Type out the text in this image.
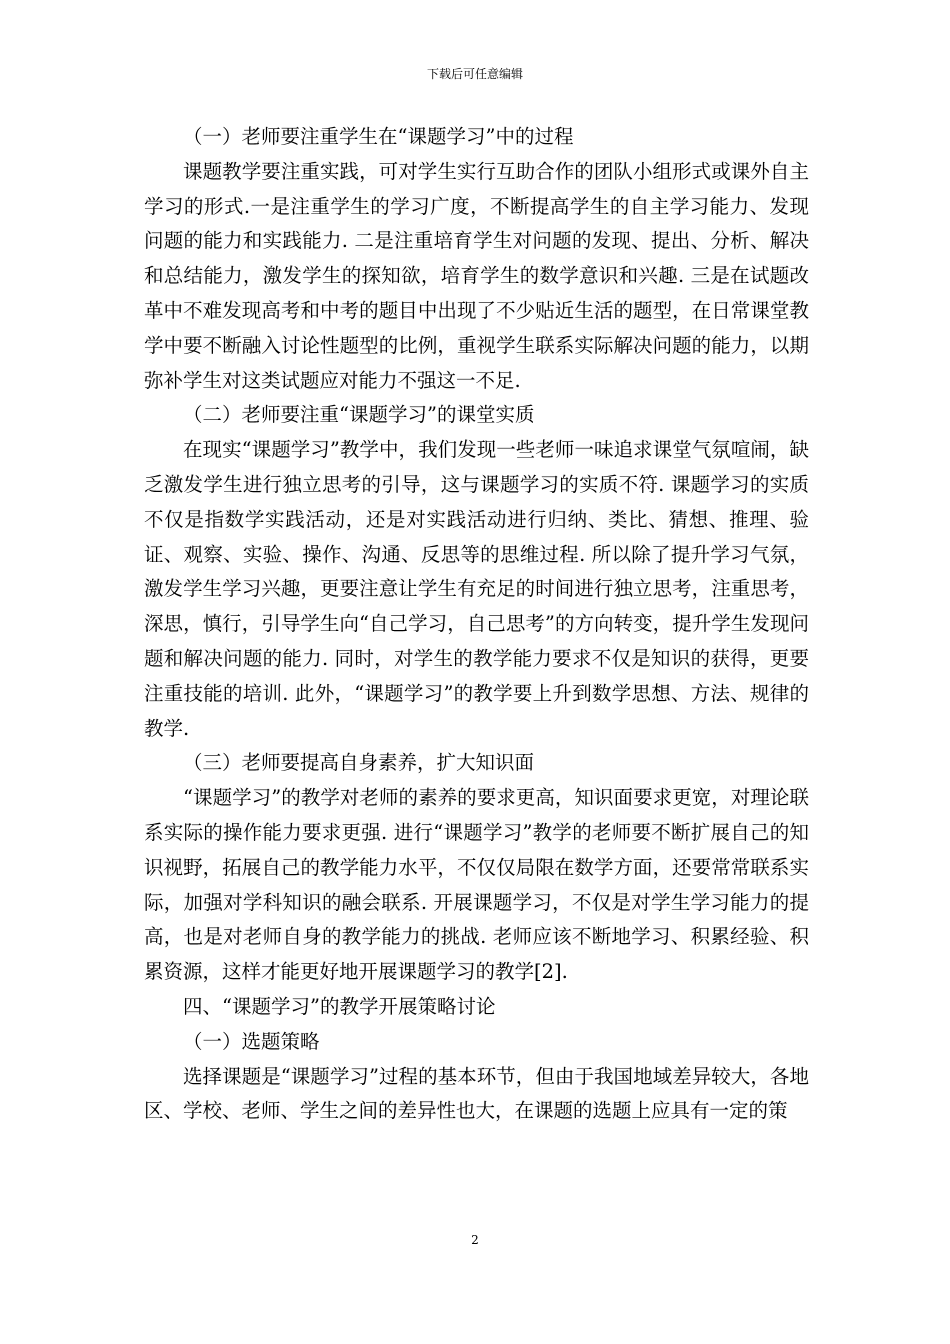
下载后可任意编辑

（一）老师要注重学生在“课题学习”中的过程

课题教学要注重实践，可对学生实行互助合作的团队小组形式或课外自主学习的形式.一是注重学生的学习广度，不断提高学生的自主学习能力、发现问题的能力和实践能力. 二是注重培育学生对问题的发现、提出、分析、解决和总结能力，激发学生的探知欲，培育学生的数学意识和兴趣. 三是在试题改革中不难发现高考和中考的题目中出现了不少贴近生活的题型，在日常课堂教学中要不断融入讨论性题型的比例，重视学生联系实际解决问题的能力，以期弥补学生对这类试题应对能力不强这一不足.

（二）老师要注重“课题学习”的课堂实质

在现实“课题学习”教学中，我们发现一些老师一味追求课堂气氛喧闹，缺乏激发学生进行独立思考的引导，这与课题学习的实质不符. 课题学习的实质不仅是指数学实践活动，还是对实践活动进行归纳、类比、猜想、推理、验证、观察、实验、操作、沟通、反思等的思维过程. 所以除了提升学习气氛，激发学生学习兴趣，更要注意让学生有充足的时间进行独立思考，注重思考，深思，慎行，引导学生向“自己学习，自己思考”的方向转变，提升学生发现问题和解决问题的能力. 同时，对学生的教学能力要求不仅是知识的获得，更要注重技能的培训. 此外，“课题学习”的教学要上升到数学思想、方法、规律的教学.

（三）老师要提高自身素养，扩大知识面

“课题学习”的教学对老师的素养的要求更高，知识面要求更宽，对理论联系实际的操作能力要求更强. 进行“课题学习”教学的老师要不断扩展自己的知识视野，拓展自己的教学能力水平，不仅仅局限在数学方面，还要常常联系实际，加强对学科知识的融会联系. 开展课题学习，不仅是对学生学习能力的提高，也是对老师自身的教学能力的挑战. 老师应该不断地学习、积累经验、积累资源，这样才能更好地开展课题学习的教学[2].

四、“课题学习”的教学开展策略讨论

（一）选题策略

选择课题是“课题学习”过程的基本环节，但由于我国地域差异较大，各地区、学校、老师、学生之间的差异性也大，在课题的选题上应具有一定的策

2
